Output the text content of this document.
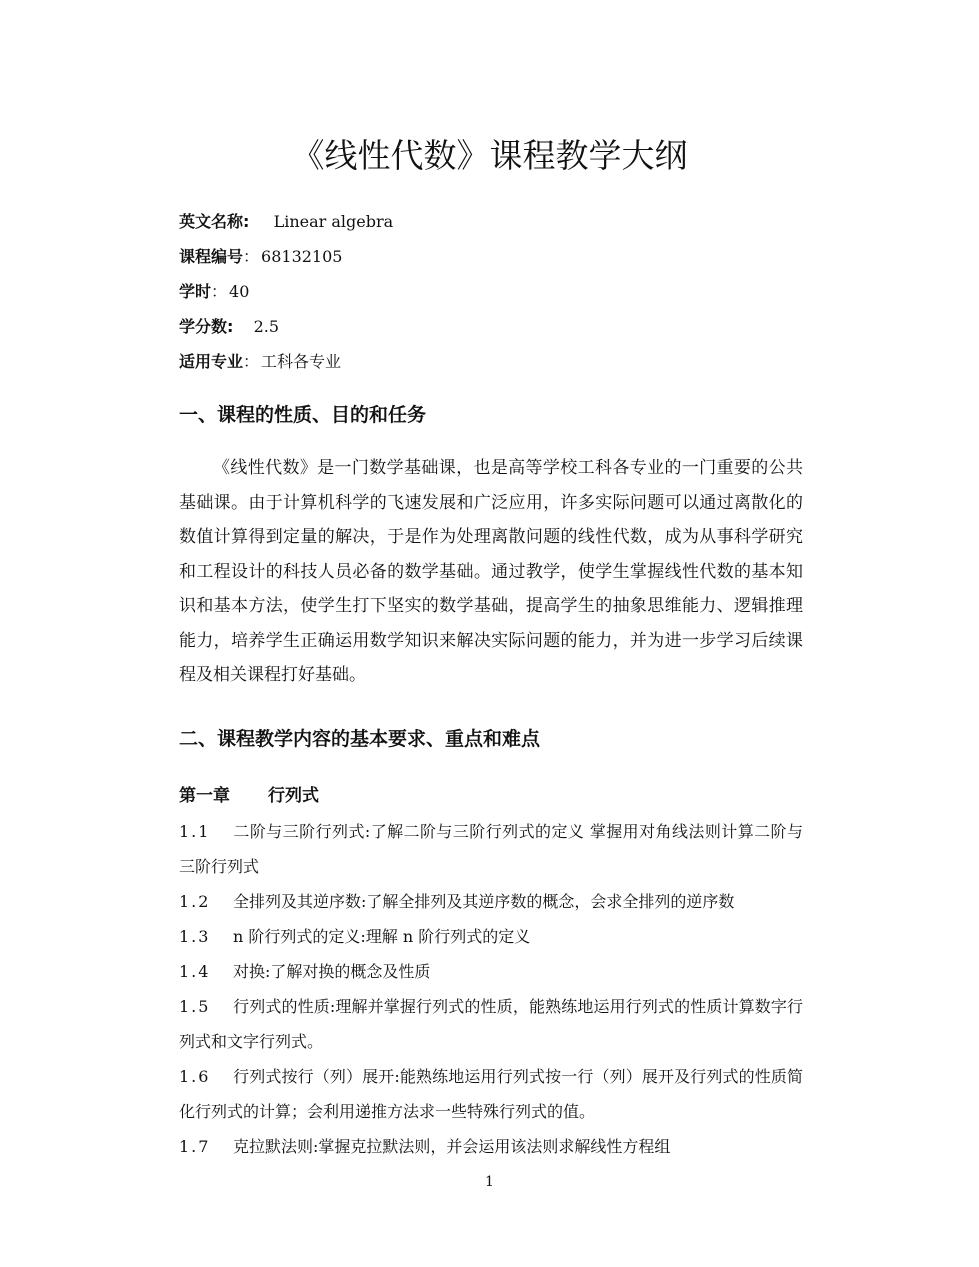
《线性代数》课程教学大纲
英文名称: Linear algebra
课程编号： 68132105
学时： 40
学分数: 2.5
适用专业： 工科各专业
一、课程的性质、目的和任务
《线性代数》是一门数学基础课，也是高等学校工科各专业的一门重要的公共基础课。由于计算机科学的飞速发展和广泛应用，许多实际问题可以通过离散化的数值计算得到定量的解决，于是作为处理离散问题的线性代数，成为从事科学研究和工程设计的科技人员必备的数学基础。通过教学，使学生掌握线性代数的基本知识和基本方法，使学生打下坚实的数学基础，提高学生的抽象思维能力、逻辑推理能力，培养学生正确运用数学知识来解决实际问题的能力，并为进一步学习后续课程及相关课程打好基础。
二、课程教学内容的基本要求、重点和难点
第一章 行列式
1.1 二阶与三阶行列式:了解二阶与三阶行列式的定义 掌握用对角线法则计算二阶与三阶行列式
1.2 全排列及其逆序数:了解全排列及其逆序数的概念，会求全排列的逆序数
1.3 n 阶行列式的定义:理解 n 阶行列式的定义
1.4 对换:了解对换的概念及性质
1.5 行列式的性质:理解并掌握行列式的性质，能熟练地运用行列式的性质计算数字行列式和文字行列式。
1.6 行列式按行（列）展开:能熟练地运用行列式按一行（列）展开及行列式的性质简化行列式的计算；会利用递推方法求一些特殊行列式的值。
1.7 克拉默法则:掌握克拉默法则，并会运用该法则求解线性方程组
1
